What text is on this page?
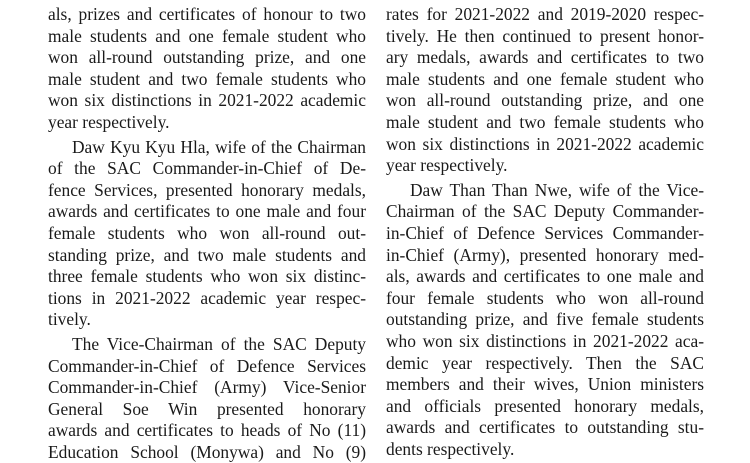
als, prizes and certificates of honour to two
male students and one female student who
won all-round outstanding prize, and one
male student and two female students who
won six distinctions in 2021-2022 academic
year respectively.
Daw Kyu Kyu Hla, wife of the Chairman
of the SAC Commander-in-Chief of De-
fence Services, presented honorary medals,
awards and certificates to one male and four
female students who won all-round out-
standing prize, and two male students and
three female students who won six distinc-
tions in 2021-2022 academic year respec-
tively.
The Vice-Chairman of the SAC Deputy
Commander-in-Chief of Defence Services
Commander-in-Chief (Army) Vice-Senior
General Soe Win presented honorary
awards and certificates to heads of No (11)
Education School (Monywa) and No (9)
rates for 2021-2022 and 2019-2020 respec-
tively. He then continued to present honor-
ary medals, awards and certificates to two
male students and one female student who
won all-round outstanding prize, and one
male student and two female students who
won six distinctions in 2021-2022 academic
year respectively.
Daw Than Than Nwe, wife of the Vice-
Chairman of the SAC Deputy Commander-
in-Chief of Defence Services Commander-
in-Chief (Army), presented honorary med-
als, awards and certificates to one male and
four female students who won all-round
outstanding prize, and five female students
who won six distinctions in 2021-2022 aca-
demic year respectively. Then the SAC
members and their wives, Union ministers
and officials presented honorary medals,
awards and certificates to outstanding stu-
dents respectively.
